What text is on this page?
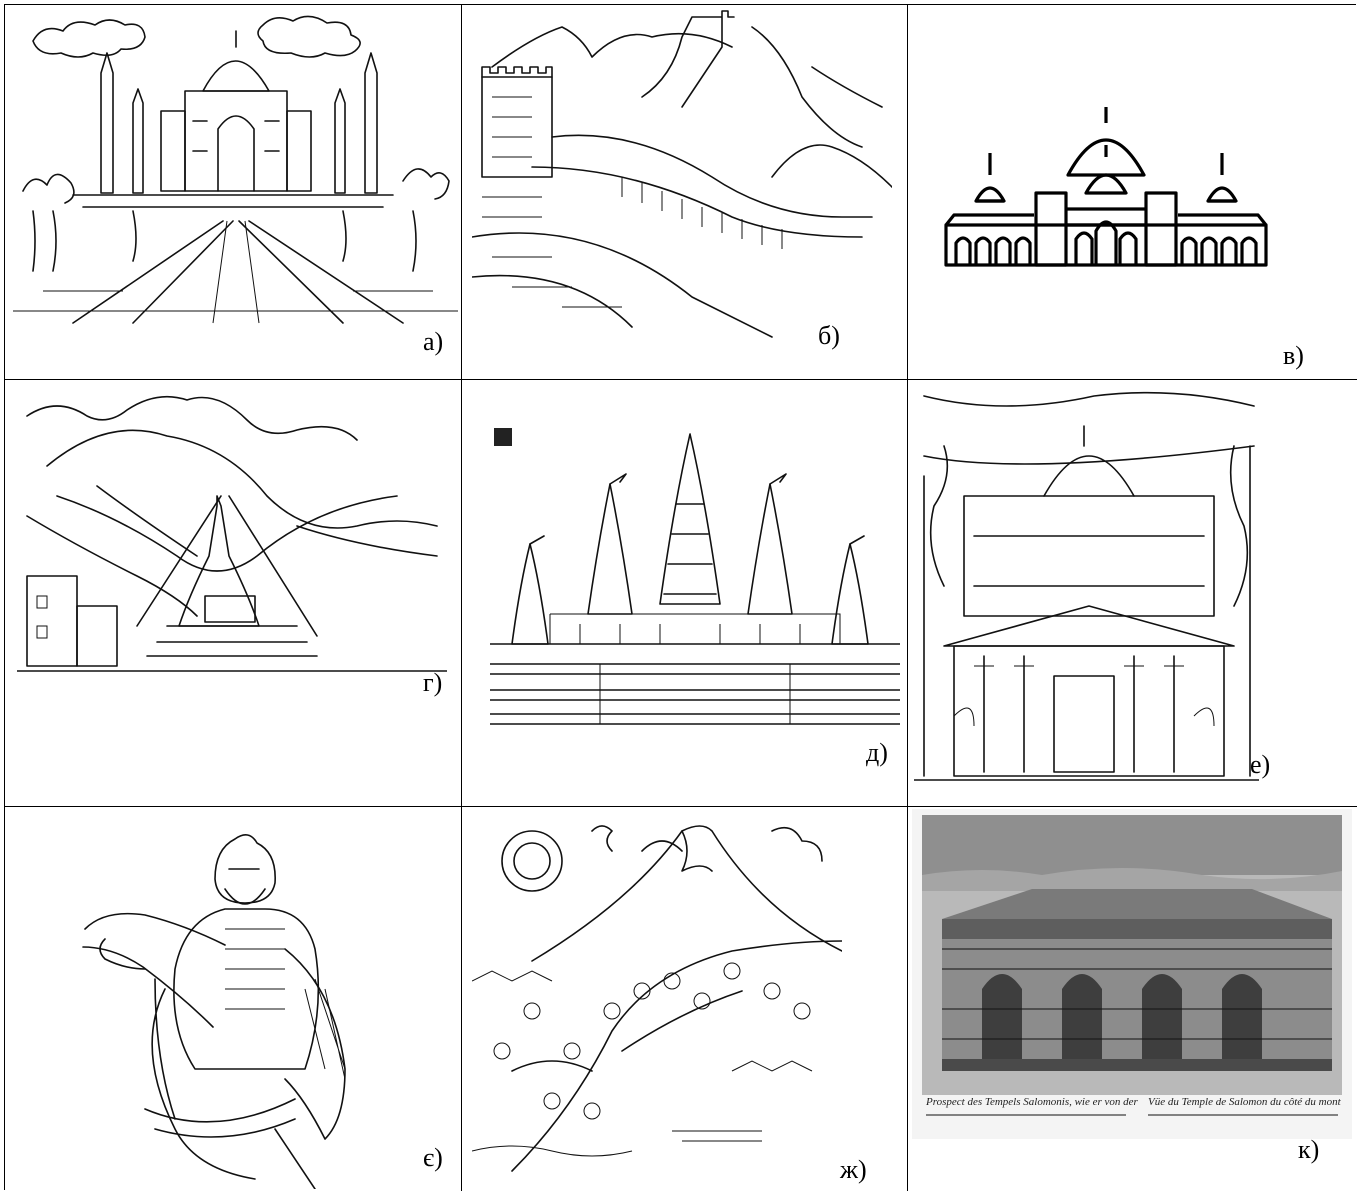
а)	б)
в)
г)
д)	е)
є)	ж)
Prospect des Tempels Salomonis, wie er von der Vüe du Temple de Salomon du côté du mont
к)
